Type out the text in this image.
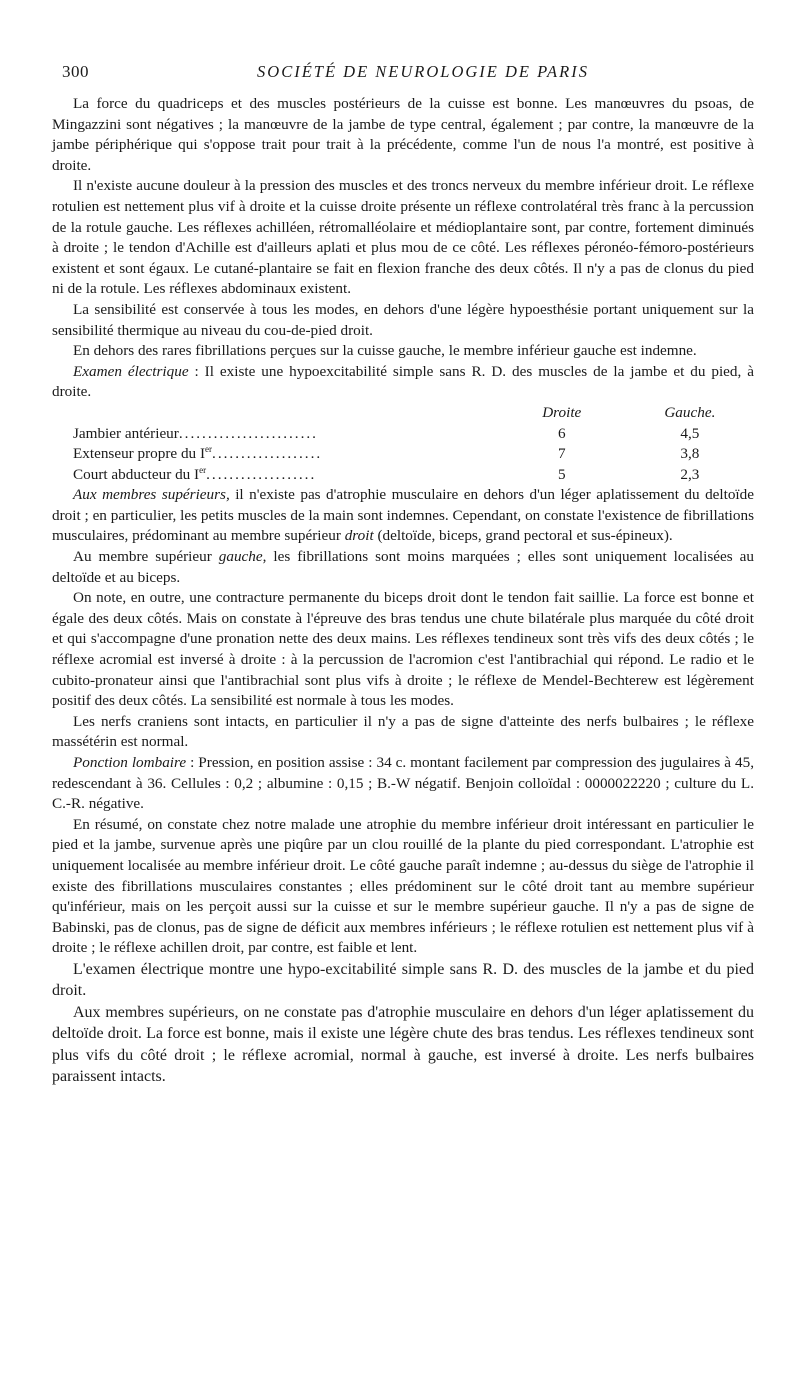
300	SOCIÉTÉ DE NEUROLOGIE DE PARIS

La force du quadriceps et des muscles postérieurs de la cuisse est bonne. Les manœuvres du psoas, de Mingazzini sont négatives ; la manœuvre de la jambe de type central, également ; par contre, la manœuvre de la jambe périphérique qui s'oppose trait pour trait à la précédente, comme l'un de nous l'a montré, est positive à droite.

Il n'existe aucune douleur à la pression des muscles et des troncs nerveux du membre inférieur droit. Le réflexe rotulien est nettement plus vif à droite et la cuisse droite présente un réflexe controlatéral très franc à la percussion de la rotule gauche. Les réflexes achilléen, rétromalléolaire et médioplantaire sont, par contre, fortement diminués à droite ; le tendon d'Achille est d'ailleurs aplati et plus mou de ce côté. Les réflexes péronéo-fémoro-postérieurs existent et sont égaux. Le cutané-plantaire se fait en flexion franche des deux côtés. Il n'y a pas de clonus du pied ni de la rotule. Les réflexes abdominaux existent.

La sensibilité est conservée à tous les modes, en dehors d'une légère hypoesthésie portant uniquement sur la sensibilité thermique au niveau du cou-de-pied droit.

En dehors des rares fibrillations perçues sur la cuisse gauche, le membre inférieur gauche est indemne.

Examen électrique : Il existe une hypoexcitabilité simple sans R. D. des muscles de la jambe et du pied, à droite.

	Droite	Gauche.
Jambier antérieur........................	6	4,5
Extenseur propre du Ier...................	7	3,8
Court abducteur du Ier...................	5	2,3

Aux membres supérieurs, il n'existe pas d'atrophie musculaire en dehors d'un léger aplatissement du deltoïde droit ; en particulier, les petits muscles de la main sont indemnes. Cependant, on constate l'existence de fibrillations musculaires, prédominant au membre supérieur droit (deltoïde, biceps, grand pectoral et sus-épineux).

Au membre supérieur gauche, les fibrillations sont moins marquées ; elles sont uniquement localisées au deltoïde et au biceps.

On note, en outre, une contracture permanente du biceps droit dont le tendon fait saillie. La force est bonne et égale des deux côtés. Mais on constate à l'épreuve des bras tendus une chute bilatérale plus marquée du côté droit et qui s'accompagne d'une pronation nette des deux mains. Les réflexes tendineux sont très vifs des deux côtés ; le réflexe acromial est inversé à droite : à la percussion de l'acromion c'est l'antibrachial qui répond. Le radio et le cubito-pronateur ainsi que l'antibrachial sont plus vifs à droite ; le réflexe de Mendel-Bechterew est légèrement positif des deux côtés. La sensibilité est normale à tous les modes.

Les nerfs craniens sont intacts, en particulier il n'y a pas de signe d'atteinte des nerfs bulbaires ; le réflexe massétérin est normal.

Ponction lombaire : Pression, en position assise : 34 c. montant facilement par compression des jugulaires à 45, redescendant à 36. Cellules : 0,2 ; albumine : 0,15 ; B.-W négatif. Benjoin colloïdal : 0000022220 ; culture du L. C.-R. négative.

En résumé, on constate chez notre malade une atrophie du membre inférieur droit intéressant en particulier le pied et la jambe, survenue après une piqûre par un clou rouillé de la plante du pied correspondant. L'atrophie est uniquement localisée au membre inférieur droit. Le côté gauche paraît indemne ; au-dessus du siège de l'atrophie il existe des fibrillations musculaires constantes ; elles prédominent sur le côté droit tant au membre supérieur qu'inférieur, mais on les perçoit aussi sur la cuisse et sur le membre supérieur gauche. Il n'y a pas de signe de Babinski, pas de clonus, pas de signe de déficit aux membres inférieurs ; le réflexe rotulien est nettement plus vif à droite ; le réflexe achillen droit, par contre, est faible et lent.

L'examen électrique montre une hypo-excitabilité simple sans R. D. des muscles de la jambe et du pied droit.

Aux membres supérieurs, on ne constate pas d'atrophie musculaire en dehors d'un léger aplatissement du deltoïde droit. La force est bonne, mais il existe une légère chute des bras tendus. Les réflexes tendineux sont plus vifs du côté droit ; le réflexe acromial, normal à gauche, est inversé à droite. Les nerfs bulbaires paraissent intacts.
